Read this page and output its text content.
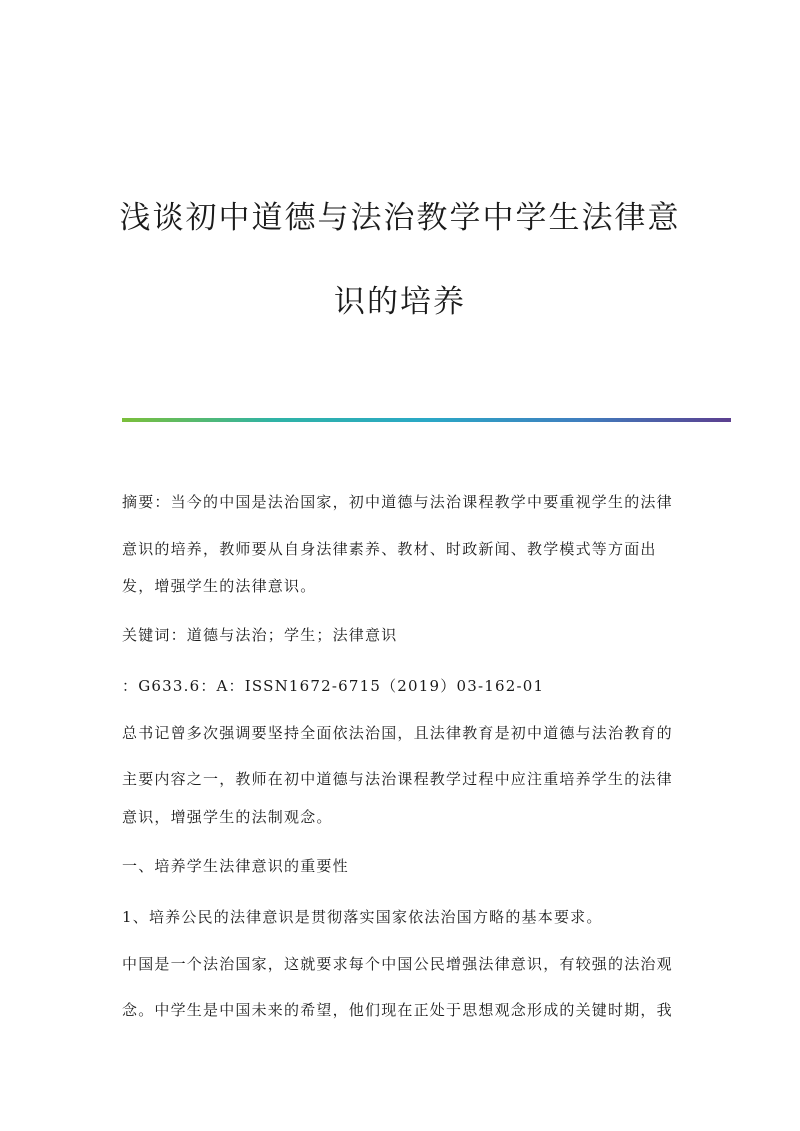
浅谈初中道德与法治教学中学生法律意
识的培养

摘要：当今的中国是法治国家，初中道德与法治课程教学中要重视学生的法律

意识的培养，教师要从自身法律素养、教材、时政新闻、教学模式等方面出

发，增强学生的法律意识。

关键词：道德与法治；学生；法律意识

：G633.6：A：ISSN1672-6715（2019）03-162-01

总书记曾多次强调要坚持全面依法治国，且法律教育是初中道德与法治教育的

主要内容之一，教师在初中道德与法治课程教学过程中应注重培养学生的法律

意识，增强学生的法制观念。

一、培养学生法律意识的重要性

1、培养公民的法律意识是贯彻落实国家依法治国方略的基本要求。

中国是一个法治国家，这就要求每个中国公民增强法律意识，有较强的法治观

念。中学生是中国未来的希望，他们现在正处于思想观念形成的关键时期，我
